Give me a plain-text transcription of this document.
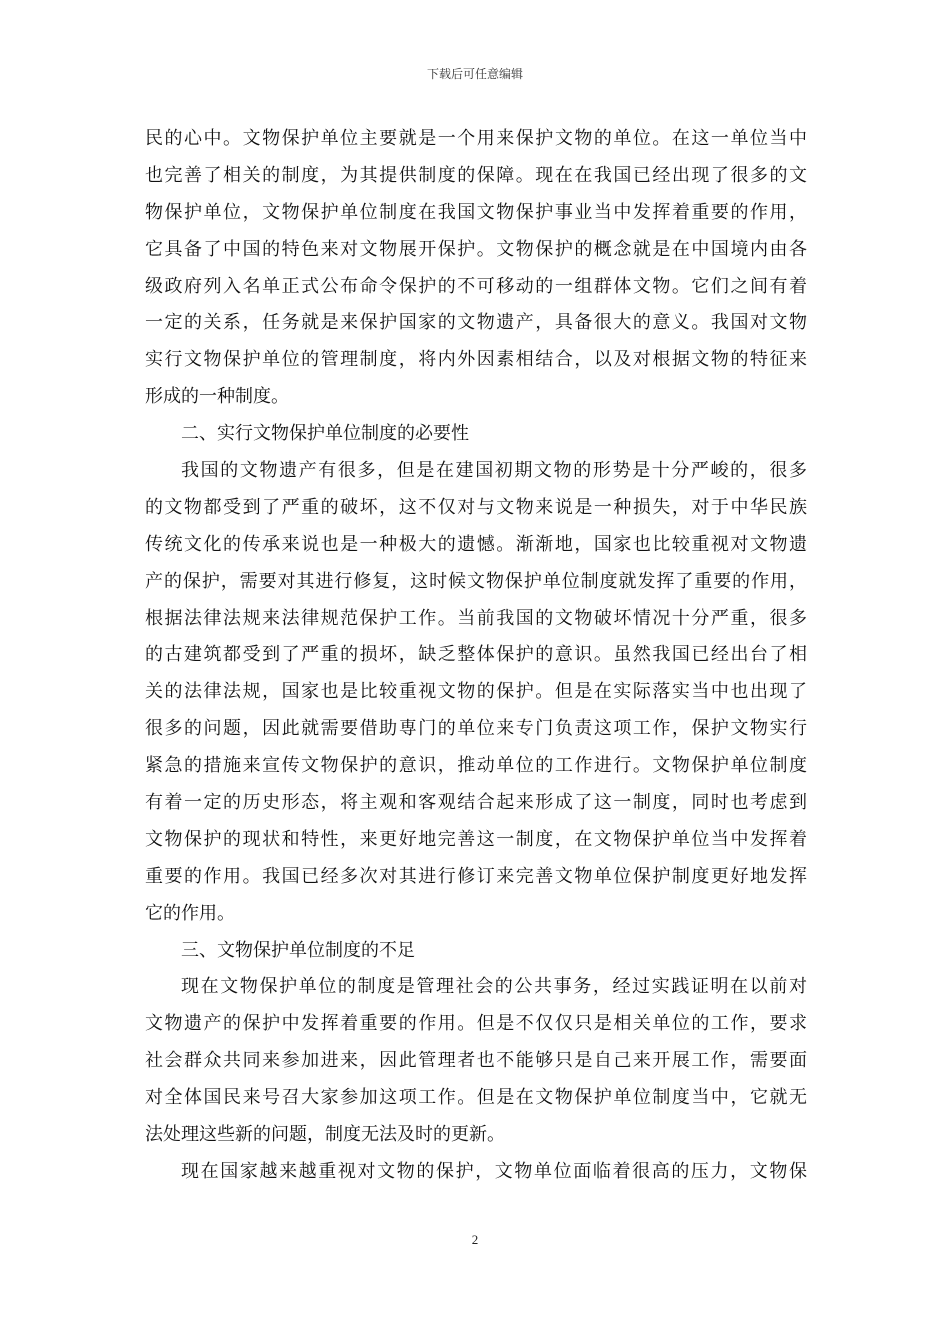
下载后可任意编辑
民的心中。文物保护单位主要就是一个用来保护文物的单位。在这一单位当中
也完善了相关的制度，为其提供制度的保障。现在在我国已经出现了很多的文
物保护单位，文物保护单位制度在我国文物保护事业当中发挥着重要的作用，
它具备了中国的特色来对文物展开保护。文物保护的概念就是在中国境内由各
级政府列入名单正式公布命令保护的不可移动的一组群体文物。它们之间有着
一定的关系，任务就是来保护国家的文物遗产，具备很大的意义。我国对文物
实行文物保护单位的管理制度，将内外因素相结合，以及对根据文物的特征来
形成的一种制度。
二、实行文物保护单位制度的必要性
我国的文物遗产有很多，但是在建国初期文物的形势是十分严峻的，很多
的文物都受到了严重的破坏，这不仅对与文物来说是一种损失，对于中华民族
传统文化的传承来说也是一种极大的遗憾。渐渐地，国家也比较重视对文物遗
产的保护，需要对其进行修复，这时候文物保护单位制度就发挥了重要的作用，
根据法律法规来法律规范保护工作。当前我国的文物破坏情况十分严重，很多
的古建筑都受到了严重的损坏，缺乏整体保护的意识。虽然我国已经出台了相
关的法律法规，国家也是比较重视文物的保护。但是在实际落实当中也出现了
很多的问题，因此就需要借助専门的单位来专门负责这项工作，保护文物实行
紧急的措施来宣传文物保护的意识，推动单位的工作进行。文物保护单位制度
有着一定的历史形态，将主观和客观结合起来形成了这一制度，同时也考虑到
文物保护的现状和特性，来更好地完善这一制度，在文物保护单位当中发挥着
重要的作用。我国已经多次对其进行修订来完善文物单位保护制度更好地发挥
它的作用。
三、文物保护单位制度的不足
现在文物保护单位的制度是管理社会的公共事务，经过实践证明在以前对
文物遗产的保护中发挥着重要的作用。但是不仅仅只是相关单位的工作，要求
社会群众共同来参加进来，因此管理者也不能够只是自己来开展工作，需要面
对全体国民来号召大家参加这项工作。但是在文物保护单位制度当中，它就无
法处理这些新的问题，制度无法及时的更新。
现在国家越来越重视对文物的保护，文物单位面临着很高的压力，文物保
2
